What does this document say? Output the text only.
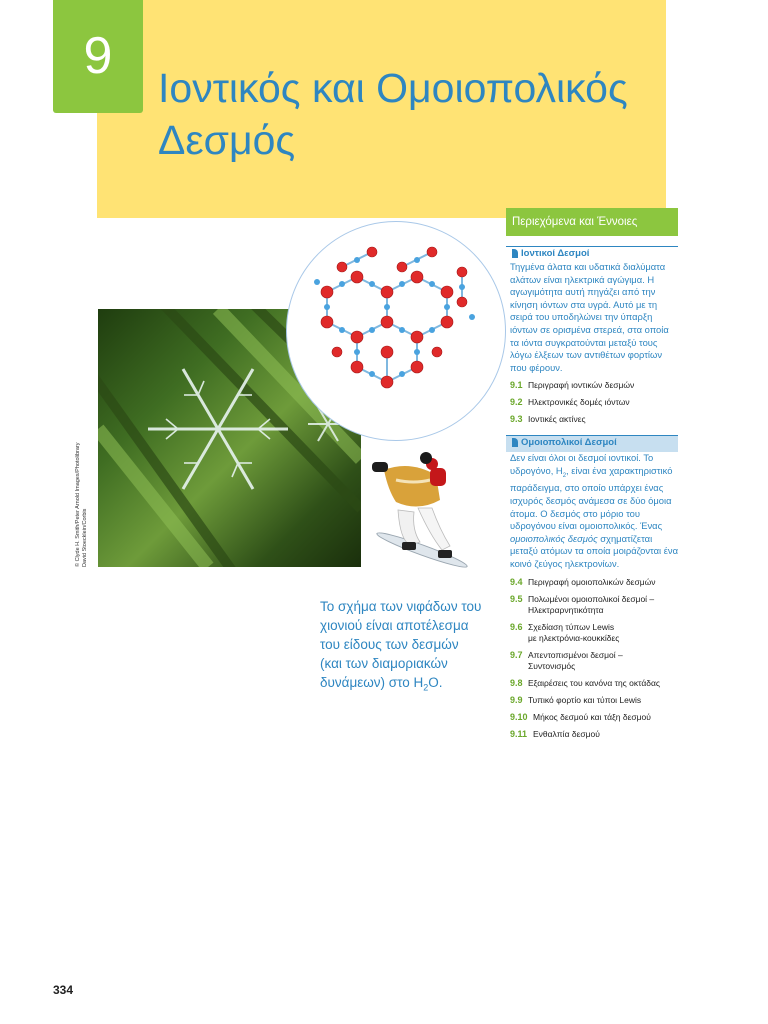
9
Ιοντικός και Ομοιοπολικός
Δεσμός
© Clyde H. Smith/Peter Arnold Images/Photolibrary David Stoecklein/Corbis
Το σχήμα των νιφάδων του
χιονιού είναι αποτέλεσμα
του είδους των δεσμών
(και των διαμοριακών
δυνάμεων) στο $H_2O$.
Περιεχόμενα και Έννοιες
Ιοντικοί Δεσμοί
Τηγμένα άλατα και υδατικά διαλύματα αλάτων είναι ηλεκτρικά αγώγιμα. Η αγωγιμότητα αυτή πηγάζει από την κίνηση ιόντων στα υγρά. Αυτό με τη σειρά του υποδηλώνει την ύπαρξη ιόντων σε ορισμένα στερεά, στα οποία τα ιόντα συγκρατούνται μεταξύ τους λόγω έλξεων των αντιθέτων φορτίων που φέρουν.
9.1 Περιγραφή ιοντικών δεσμών
9.2 Ηλεκτρονικές δομές ιόντων
9.3 Ιοντικές ακτίνες
Ομοιοπολικοί Δεσμοί
Δεν είναι όλοι οι δεσμοί ιοντικοί. Το υδρογόνο, $H_2$, είναι ένα χαρακτηριστικό παράδειγμα, στο οποίο υπάρχει ένας ισχυρός δεσμός ανάμεσα σε δύο όμοια άτομα. Ο δεσμός στο μόριο του υδρογόνου είναι ομοιοπολικός. Ένας ομοιοπολικός δεσμός σχηματίζεται μεταξύ ατόμων τα οποία μοιράζονται ένα κοινό ζεύγος ηλεκτρονίων.
9.4 Περιγραφή ομοιοπολικών δεσμών
9.5 Πολωμένοι ομοιοπολικοί δεσμοί –
Ηλεκτραρνητικότητα
9.6 Σχεδίαση τύπων Lewis
με ηλεκτρόνια-κουκκίδες
9.7 Απεντοπισμένοι δεσμοί –
Συντονισμός
9.8 Εξαιρέσεις του κανόνα της οκτάδας
9.9 Τυπικό φορτίο και τύποι Lewis
9.10 Μήκος δεσμού και τάξη δεσμού
9.11 Ενθαλπία δεσμού
334
